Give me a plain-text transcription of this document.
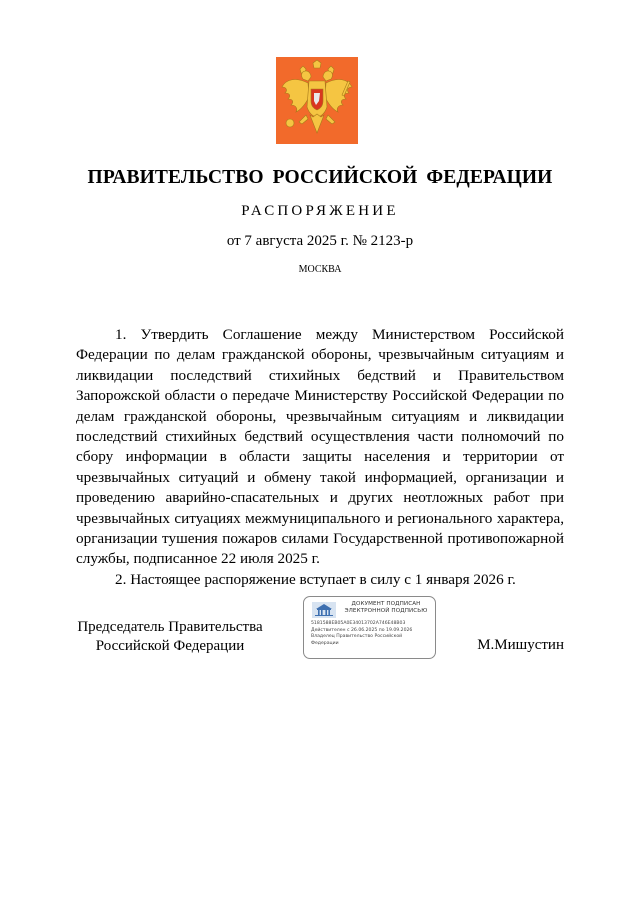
ПРАВИТЕЛЬСТВО РОССИЙСКОЙ ФЕДЕРАЦИИ
РАСПОРЯЖЕНИЕ
от 7 августа 2025 г. № 2123-р
МОСКВА

1. Утвердить Соглашение между Министерством Российской Федерации по делам гражданской обороны, чрезвычайным ситуациям и ликвидации последствий стихийных бедствий и Правительством Запорожской области о передаче Министерству Российской Федерации по делам гражданской обороны, чрезвычайным ситуациям и ликвидации последствий стихийных бедствий осуществления части полномочий по сбору информации в области защиты населения и территории от чрезвычайных ситуаций и обмену такой информацией, организации и проведению аварийно-спасательных и других неотложных работ при чрезвычайных ситуациях межмуниципального и регионального характера, организации тушения пожаров силами Государственной противопожарной службы, подписанное 22 июля 2025 г.

2. Настоящее распоряжение вступает в силу с 1 января 2026 г.

Председатель Правительства
Российской Федерации
ДОКУМЕНТ ПОДПИСАН
ЭЛЕКТРОННОЙ ПОДПИСЬЮ
5181588EB05A0E34013702A746E48B03
Действителен с 26.06.2025 по 19.09.2026
Владелец Правительство Российской
Федерации	М.Мишустин
